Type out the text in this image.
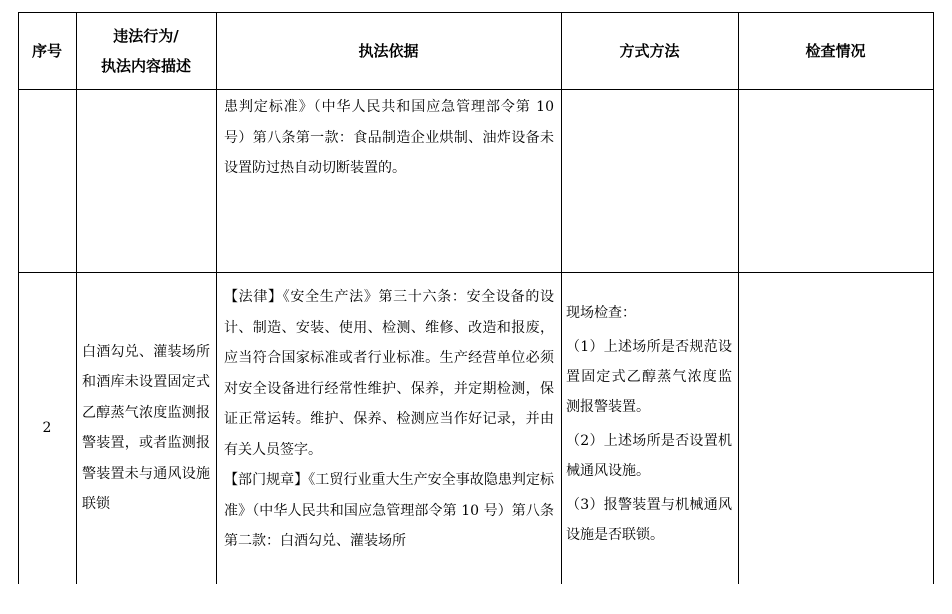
序号
违法行为/
执法内容描述
执法依据	方式方法	检查情况
患判定标准》（中华人民共和国应急管理部令第 10 号）第八条第一款：食品制造企业烘制、油炸设备未设置防过热自动切断装置的。
2
白酒勾兑、灌装场所和酒库未设置固定式乙醇蒸气浓度监测报警装置，或者监测报警装置未与通风设施联锁
【法律】《安全生产法》第三十六条：安全设备的设计、制造、安装、使用、检测、维修、改造和报废，应当符合国家标准或者行业标准。生产经营单位必须对安全设备进行经常性维护、保养，并定期检测，保证正常运转。维护、保养、检测应当作好记录，并由有关人员签字。
【部门规章】《工贸行业重大生产安全事故隐患判定标准》（中华人民共和国应急管理部令第 10 号）第八条第二款：白酒勾兑、灌装场所
现场检查：
（1）上述场所是否规范设置固定式乙醇蒸气浓度监测报警装置。
（2）上述场所是否设置机械通风设施。
（3）报警装置与机械通风设施是否联锁。
